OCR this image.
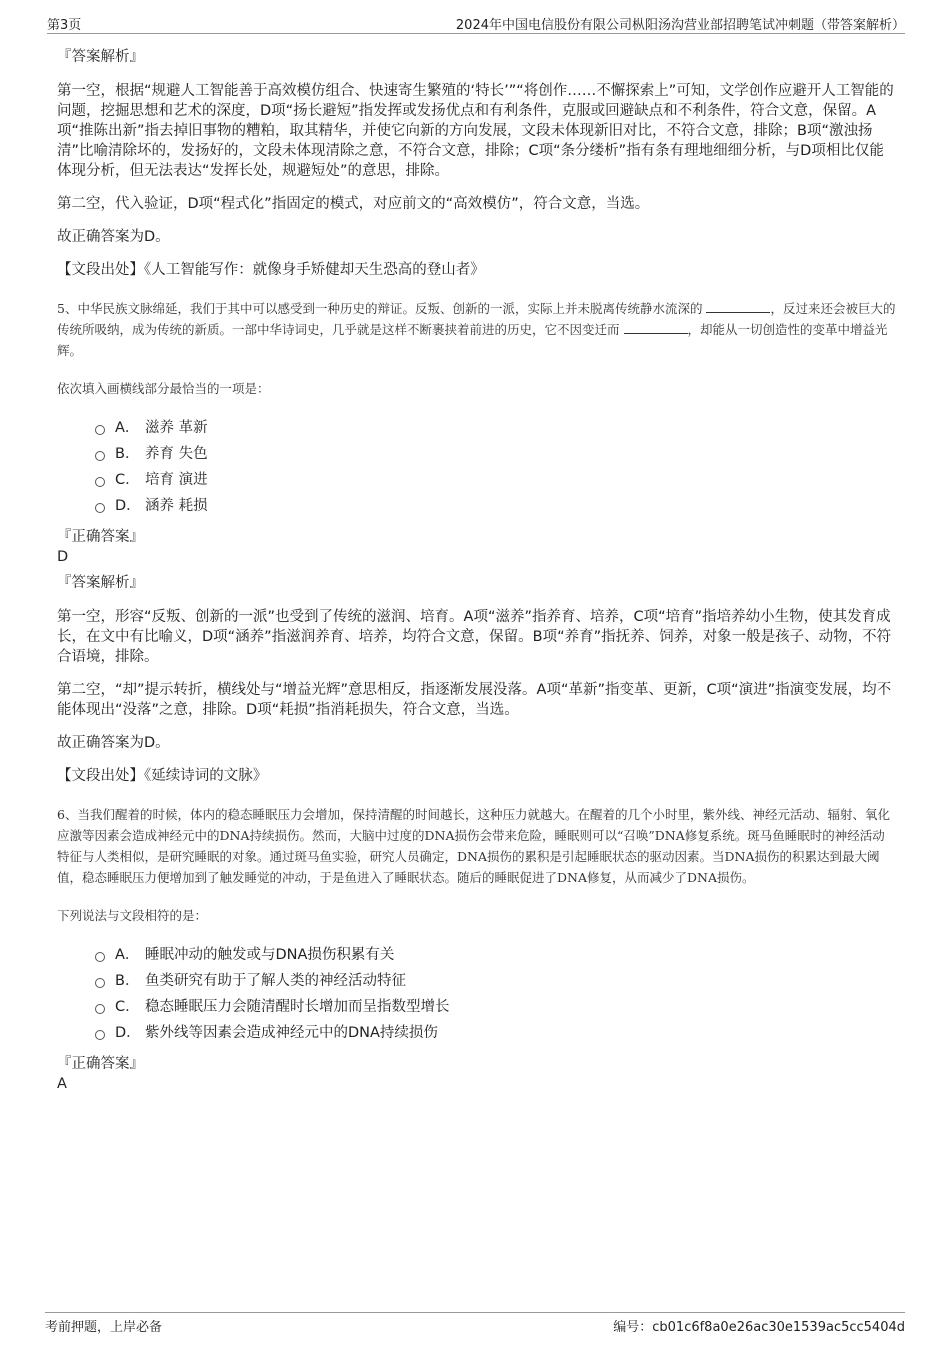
第3页	2024年中国电信股份有限公司枞阳汤沟营业部招聘笔试冲刺题（带答案解析）
『答案解析』
第一空，根据“规避人工智能善于高效模仿组合、快速寄生繁殖的‘特长’”“将创作……不懈探索上”可知，文学创作应避开人工智能的问题，挖掘思想和艺术的深度，D项“扬长避短”指发挥或发扬优点和有利条件，克服或回避缺点和不利条件，符合文意，保留。A项“推陈出新”指去掉旧事物的糟粕，取其精华，并使它向新的方向发展，文段未体现新旧对比，不符合文意，排除；B项“激浊扬清”比喻清除坏的，发扬好的，文段未体现清除之意，不符合文意，排除；C项“条分缕析”指有条有理地细细分析，与D项相比仅能体现分析，但无法表达“发挥长处，规避短处”的意思，排除。
第二空，代入验证，D项“程式化”指固定的模式，对应前文的“高效模仿”，符合文意，当选。
故正确答案为D。
【文段出处】《人工智能写作：就像身手矫健却天生恐高的登山者》
5、中华民族文脉绵延，我们于其中可以感受到一种历史的辩证。反叛、创新的一派，实际上并未脱离传统静水流深的	，反过来还会被巨大的传统所吸纳，成为传统的新质。一部中华诗词史，几乎就是这样不断裹挟着前进的历史，它不因变迁而	，却能从一切创造性的变革中增益光辉。
依次填入画横线部分最恰当的一项是：
A． 滋养 革新
B． 养育 失色
C． 培育 演进
D． 涵养 耗损
『正确答案』
D
『答案解析』
第一空，形容“反叛、创新的一派”也受到了传统的滋润、培育。A项“滋养”指养育、培养，C项“培育”指培养幼小生物，使其发育成长，在文中有比喻义，D项“涵养”指滋润养育、培养，均符合文意，保留。B项“养育”指抚养、饲养，对象一般是孩子、动物，不符合语境，排除。
第二空，“却”提示转折，横线处与“增益光辉”意思相反，指逐渐发展没落。A项“革新”指变革、更新，C项“演进”指演变发展，均不能体现出“没落”之意，排除。D项“耗损”指消耗损失，符合文意，当选。
故正确答案为D。
【文段出处】《延续诗词的文脉》
6、当我们醒着的时候，体内的稳态睡眠压力会增加，保持清醒的时间越长，这种压力就越大。在醒着的几个小时里，紫外线、神经元活动、辐射、氧化应激等因素会造成神经元中的DNA持续损伤。然而，大脑中过度的DNA损伤会带来危险，睡眠则可以“召唤”DNA修复系统。斑马鱼睡眠时的神经活动特征与人类相似，是研究睡眠的对象。通过斑马鱼实验，研究人员确定，DNA损伤的累积是引起睡眠状态的驱动因素。当DNA损伤的积累达到最大阈值，稳态睡眠压力便增加到了触发睡觉的冲动，于是鱼进入了睡眠状态。随后的睡眠促进了DNA修复，从而减少了DNA损伤。
下列说法与文段相符的是：
A． 睡眠冲动的触发或与DNA损伤积累有关
B． 鱼类研究有助于了解人类的神经活动特征
C． 稳态睡眠压力会随清醒时长增加而呈指数型增长
D． 紫外线等因素会造成神经元中的DNA持续损伤
『正确答案』
A
考前押题，上岸必备	编号：cb01c6f8a0e26ac30e1539ac5cc5404d
